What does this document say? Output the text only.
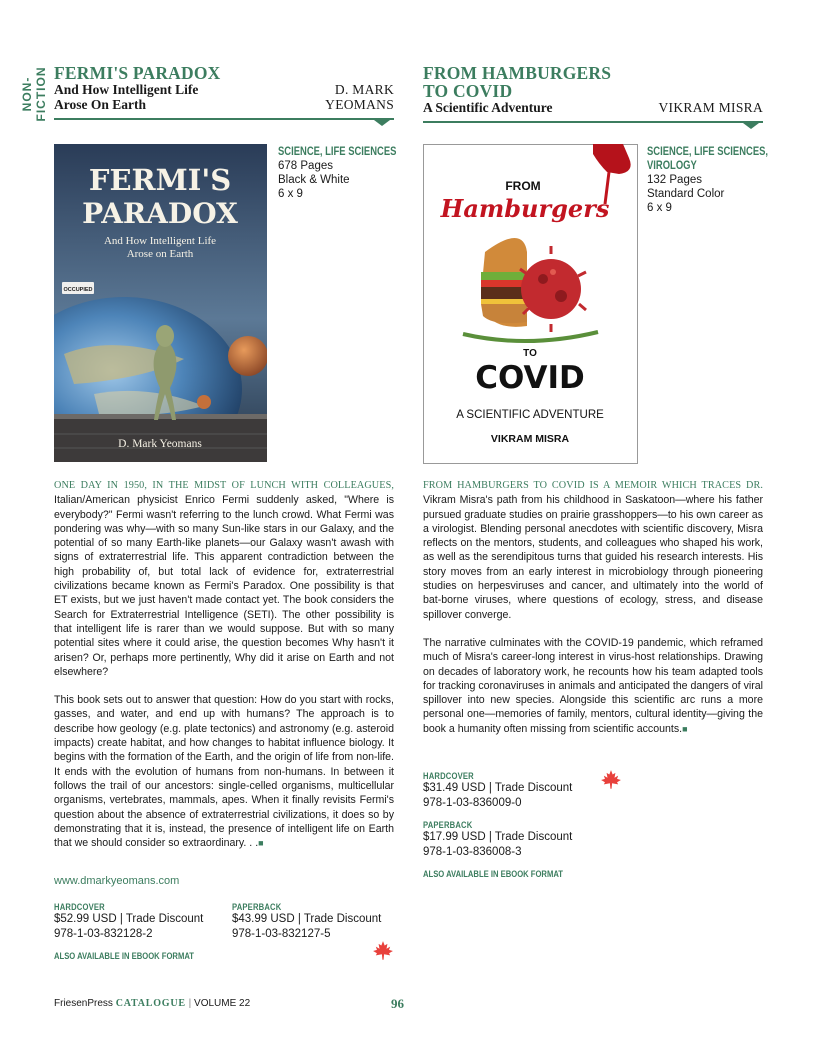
NON-FICTION FERMI'S PARADOX
And How Intelligent Life
Arose On Earth
D. MARK
YEOMANS
OCCUPIED
FERMI'S
PARADOX
And How Intelligent Life
Arose on Earth
D. Mark Yeomans
SCIENCE, LIFE SCIENCES
678 Pages
Black & White
6 x 9

ONE DAY IN 1950, IN THE MIDST OF LUNCH WITH COLLEAGUES, Italian/American physicist Enrico Fermi suddenly asked, "Where is everybody?" Fermi wasn't referring to the lunch crowd. What Fermi was pondering was why—with so many Sun-like stars in our Galaxy, and the potential of so many Earth-like planets—our Galaxy wasn't awash with signs of extraterrestrial life. This apparent contradiction between the high probability of, but total lack of evidence for, extraterrestrial civilizations became known as Fermi's Paradox. One possibility is that ET exists, but we just haven't made contact yet. The book considers the Search for Extraterrestrial Intelligence (SETI). The other possibility is that intelligent life is rarer than we would suppose. But with so many potential sites where it could arise, the question becomes Why hasn't it arisen? Or, perhaps more pertinently, Why did it arise on Earth and not elsewhere?

This book sets out to answer that question: How do you start with rocks, gasses, and water, and end up with humans? The approach is to describe how geology (e.g. plate tectonics) and astronomy (e.g. asteroid impacts) create habitat, and how changes to habitat influence biology. It begins with the formation of the Earth, and the origin of life from non-life. It ends with the evolution of humans from non-humans. In between it follows the trail of our ancestors: single-celled organisms, multicellular organisms, vertebrates, mammals, apes. When it finally revisits Fermi's question about the absence of extraterrestrial civilizations, it does so by demonstrating that it is, instead, the presence of intelligent life on Earth that we should consider so extraordinary. . .■

www.dmarkyeomans.com
HARDCOVER
$52.99 USD | Trade Discount
978-1-03-832128-2
PAPERBACK
$43.99 USD | Trade Discount
978-1-03-832127-5
ALSO AVAILABLE IN EBOOK FORMAT
FROM HAMBURGERS
TO COVID
A Scientific Adventure	VIKRAM MISRA
FROM
Hamburgers
TO
COVID
A SCIENTIFIC ADVENTURE
VIKRAM MISRA
SCIENCE, LIFE SCIENCES,
VIROLOGY
132 Pages
Standard Color
6 x 9

FROM HAMBURGERS TO COVID IS A MEMOIR WHICH TRACES DR. Vikram Misra's path from his childhood in Saskatoon—where his father pursued graduate studies on prairie grasshoppers—to his own career as a virologist. Blending personal anecdotes with scientific discovery, Misra reflects on the mentors, students, and colleagues who shaped his work, as well as the serendipitous turns that guided his research interests. His story moves from an early interest in microbiology through pioneering studies on herpesviruses and cancer, and ultimately into the world of bat-borne viruses, where questions of ecology, stress, and disease spillover converge.

The narrative culminates with the COVID-19 pandemic, which reframed much of Misra's career-long interest in virus-host relationships. Drawing on decades of laboratory work, he recounts how his team adapted tools for tracking coronaviruses in animals and anticipated the dangers of viral spillover into new species. Alongside this scientific arc runs a more personal one—memories of family, mentors, cultural identity—giving the book a humanity often missing from scientific accounts.■

HARDCOVER
$31.49 USD | Trade Discount
978-1-03-836009-0
PAPERBACK
$17.99 USD | Trade Discount
978-1-03-836008-3
ALSO AVAILABLE IN EBOOK FORMAT
FriesenPress CATALOGUE | VOLUME 22	96
